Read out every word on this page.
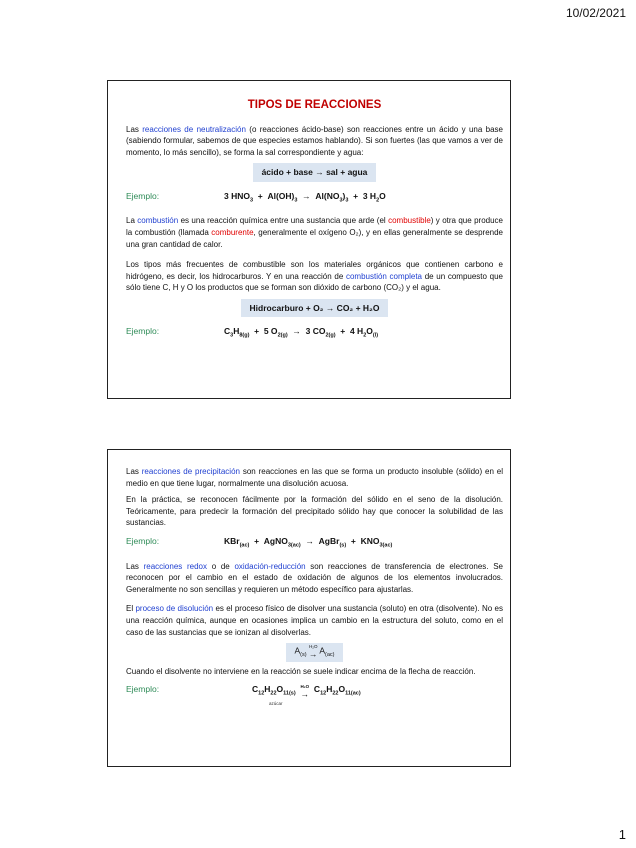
10/02/2021
TIPOS DE REACCIONES

Las reacciones de neutralización (o reacciones ácido-base) son reacciones entre un ácido y una base (sabiendo formular, sabemos de que especies estamos hablando). Si son fuertes (las que vamos a ver de momento, lo más sencillo), se forma la sal correspondiente y agua:

ácido + base → sal + agua
Ejemplo:	3 $HNO_3 + Al(OH)_3 \to Al(NO_3)_3 + 3$ $H_2O$

La combustión es una reacción química entre una sustancia que arde (el combustible) y otra que produce la combustión (llamada comburente, generalmente el oxígeno O₂), y en ellas generalmente se desprende una gran cantidad de calor.

Los tipos más frecuentes de combustible son los materiales orgánicos que contienen carbono e hidrógeno, es decir, los hidrocarburos. Y en una reacción de combustión completa de un compuesto que sólo tiene C, H y O los productos que se forman son dióxido de carbono (CO₂) y el agua.

Hidrocarburo + O₂ → CO₂ + H₂O
Ejemplo:	$C_3H_{8(g)} + 5$ $O_{2(g)} \to 3$ $CO_{2(g)} + 4$ $H_2O_{(l)}$

Las reacciones de precipitación son reacciones en las que se forma un producto insoluble (sólido) en el medio en que tiene lugar, normalmente una disolución acuosa.

En la práctica, se reconocen fácilmente por la formación del sólido en el seno de la disolución. Teóricamente, para predecir la formación del precipitado sólido hay que conocer la solubilidad de las sustancias.

Ejemplo:	KBr$_{(ac)}$  +  AgNO$_{3(ac)}$  →  AgBr$_{(s)}$  +  $KNO_{3(ac)}$

Las reacciones redox o de oxidación-reducción son reacciones de transferencia de electrones. Se reconocen por el cambio en el estado de oxidación de algunos de los elementos involucrados. Generalmente no son sencillas y requieren un método específico para ajustarlas.

El proceso de disolución es el proceso físico de disolver una sustancia (soluto) en otra (disolvente). No es una reacción química, aunque en ocasiones implica un cambio en la estructura del soluto, como en el caso de las sustancias que se ionizan al disolverlas.

$A_{(s)}$
H₂O
→ $A_{(ac)}$

Cuando el disolvente no interviene en la reacción se suele indicar encima de la flecha de reacción.

Ejemplo:	$C_{12}H_{22}O_{11(s)}$
H₂O
→  $C_{12}H_{22}O_{11(ac)}$
azúcar
1
